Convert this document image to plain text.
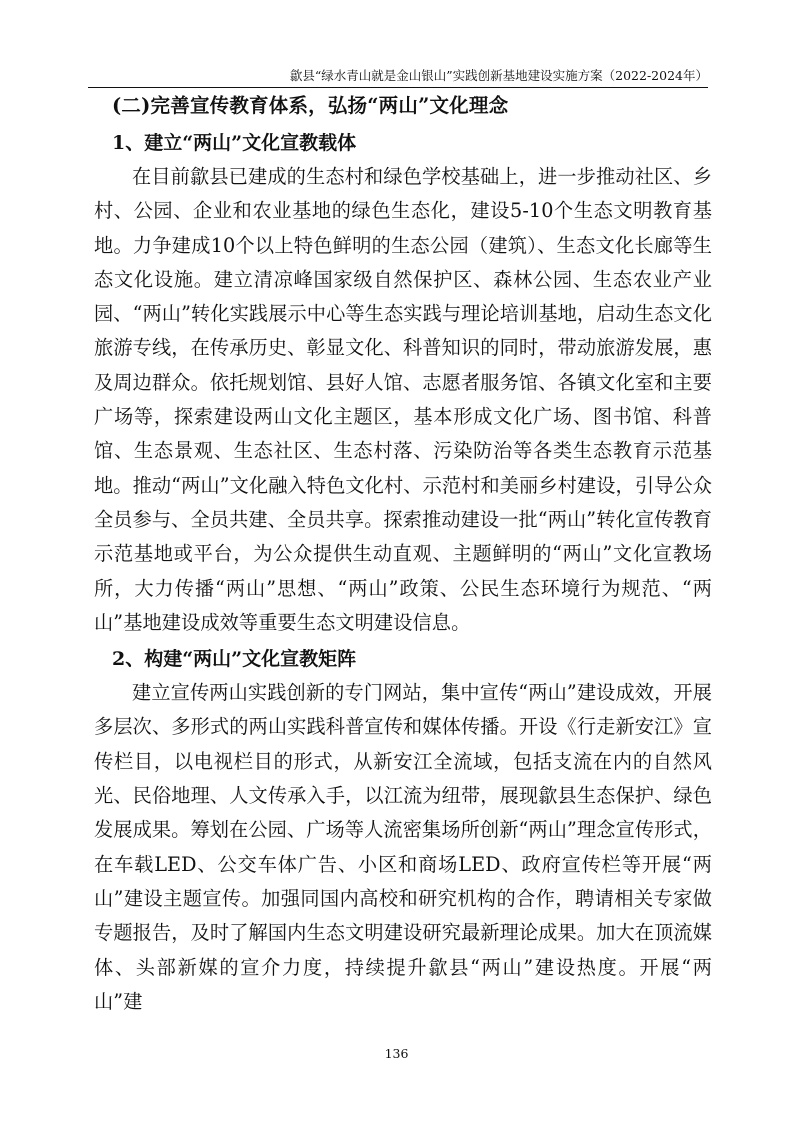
歙县“绿水青山就是金山银山”实践创新基地建设实施方案（2022-2024年）
(二)完善宣传教育体系，弘扬“两山”文化理念
1、建立“两山”文化宣教载体

在目前歙县已建成的生态村和绿色学校基础上，进一步推动社区、乡村、公园、企业和农业基地的绿色生态化，建设5-10个生态文明教育基地。力争建成10个以上特色鲜明的生态公园（建筑）、生态文化长廊等生态文化设施。建立清凉峰国家级自然保护区、森林公园、生态农业产业园、“两山”转化实践展示中心等生态实践与理论培训基地，启动生态文化旅游专线，在传承历史、彰显文化、科普知识的同时，带动旅游发展，惠及周边群众。依托规划馆、县好人馆、志愿者服务馆、各镇文化室和主要广场等，探索建设两山文化主题区，基本形成文化广场、图书馆、科普馆、生态景观、生态社区、生态村落、污染防治等各类生态教育示范基地。推动“两山”文化融入特色文化村、示范村和美丽乡村建设，引导公众全员参与、全员共建、全员共享。探索推动建设一批“两山”转化宣传教育示范基地或平台，为公众提供生动直观、主题鲜明的“两山”文化宣教场所，大力传播“两山”思想、“两山”政策、公民生态环境行为规范、“两山”基地建设成效等重要生态文明建设信息。

2、构建“两山”文化宣教矩阵

建立宣传两山实践创新的专门网站，集中宣传“两山”建设成效，开展多层次、多形式的两山实践科普宣传和媒体传播。开设《行走新安江》宣传栏目，以电视栏目的形式，从新安江全流域，包括支流在内的自然风光、民俗地理、人文传承入手，以江流为纽带，展现歙县生态保护、绿色发展成果。筹划在公园、广场等人流密集场所创新“两山”理念宣传形式，在车载LED、公交车体广告、小区和商场LED、政府宣传栏等开展“两山”建设主题宣传。加强同国内高校和研究机构的合作，聘请相关专家做专题报告，及时了解国内生态文明建设研究最新理论成果。加大在顶流媒体、头部新媒的宣介力度，持续提升歙县“两山”建设热度。开展“两山”建

136
